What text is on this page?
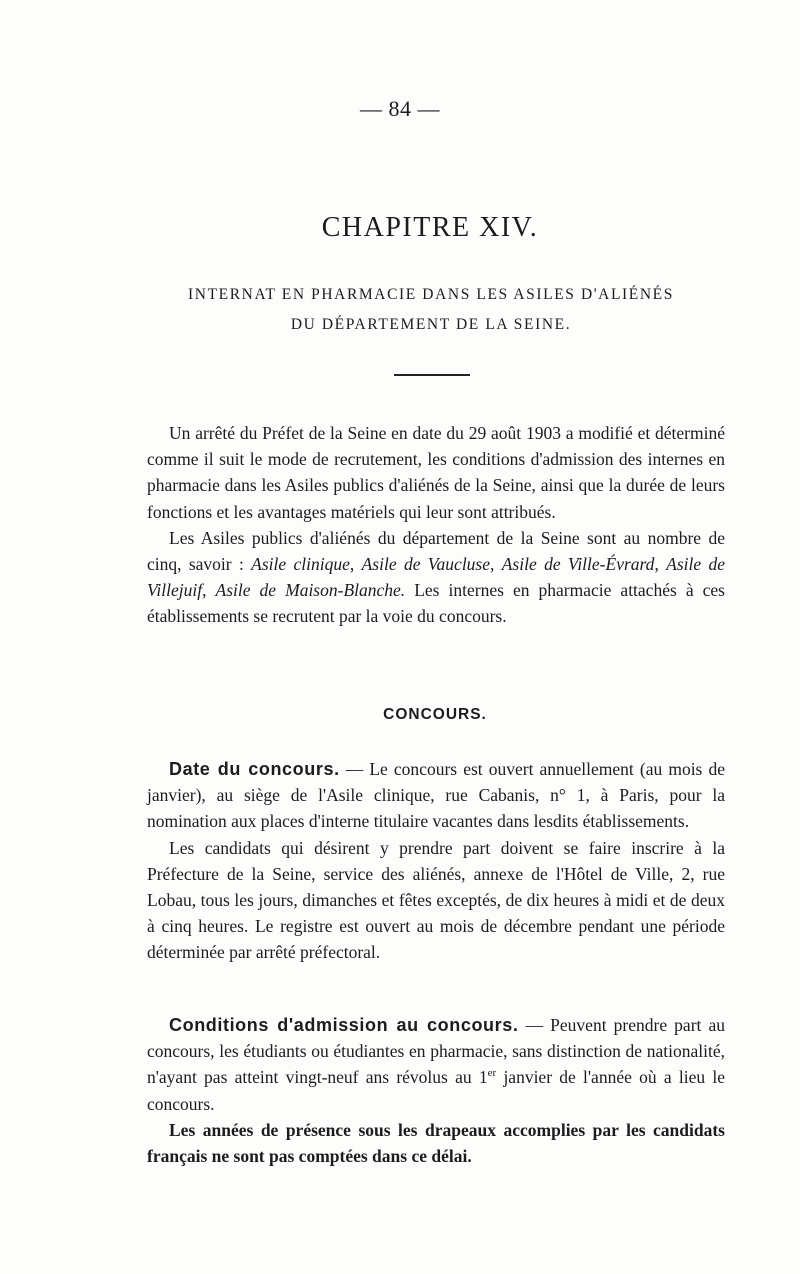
— 84 —
CHAPITRE XIV.
INTERNAT EN PHARMACIE DANS LES ASILES D'ALIÉNÉS
DU DÉPARTEMENT DE LA SEINE.

Un arrêté du Préfet de la Seine en date du 29 août 1903 a modifié et déterminé comme il suit le mode de recrutement, les conditions d'admission des internes en pharmacie dans les Asiles publics d'aliénés de la Seine, ainsi que la durée de leurs fonctions et les avantages matériels qui leur sont attribués.

Les Asiles publics d'aliénés du département de la Seine sont au nombre de cinq, savoir : Asile clinique, Asile de Vaucluse, Asile de Ville-Évrard, Asile de Villejuif, Asile de Maison-Blanche. Les internes en pharmacie attachés à ces établissements se recrutent par la voie du concours.

CONCOURS.

Date du concours. — Le concours est ouvert annuellement (au mois de janvier), au siège de l'Asile clinique, rue Cabanis, n° 1, à Paris, pour la nomination aux places d'interne titulaire vacantes dans lesdits établissements.

Les candidats qui désirent y prendre part doivent se faire inscrire à la Préfecture de la Seine, service des aliénés, annexe de l'Hôtel de Ville, 2, rue Lobau, tous les jours, dimanches et fêtes exceptés, de dix heures à midi et de deux à cinq heures. Le registre est ouvert au mois de décembre pendant une période déterminée par arrêté préfectoral.

Conditions d'admission au concours. — Peuvent prendre part au concours, les étudiants ou étudiantes en pharmacie, sans distinction de nationalité, n'ayant pas atteint vingt-neuf ans révolus au 1er janvier de l'année où a lieu le concours.

Les années de présence sous les drapeaux accomplies par les candidats français ne sont pas comptées dans ce délai.
